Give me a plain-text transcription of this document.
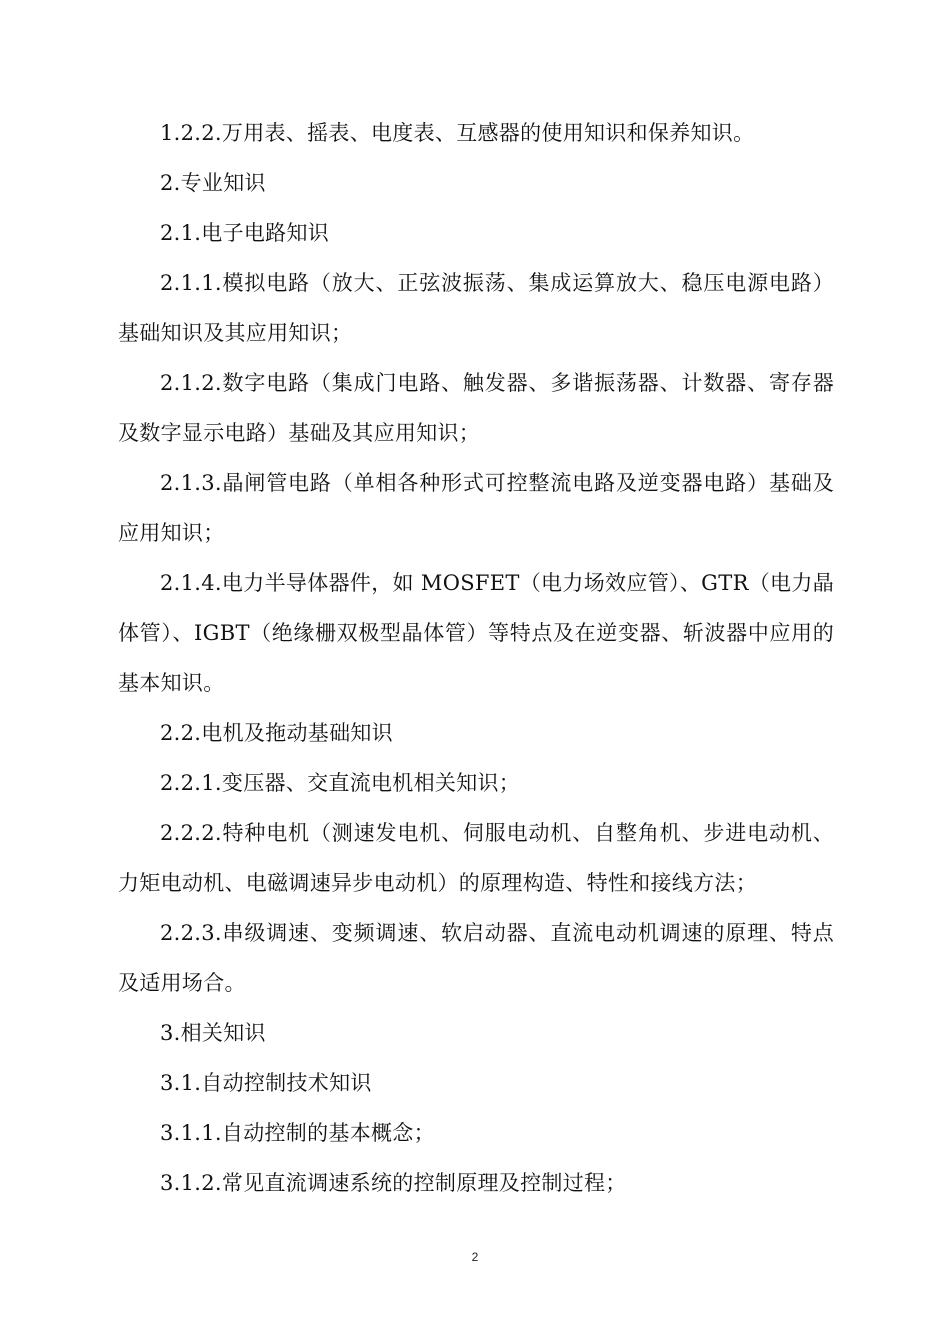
1.2.2.万用表、摇表、电度表、互感器的使用知识和保养知识。

2.专业知识

2.1.电子电路知识

2.1.1.模拟电路（放大、正弦波振荡、集成运算放大、稳压电源电路）基础知识及其应用知识；

2.1.2.数字电路（集成门电路、触发器、多谐振荡器、计数器、寄存器及数字显示电路）基础及其应用知识；

2.1.3.晶闸管电路（单相各种形式可控整流电路及逆变器电路）基础及应用知识；

2.1.4.电力半导体器件，如 MOSFET（电力场效应管）、GTR（电力晶体管）、IGBT（绝缘栅双极型晶体管）等特点及在逆变器、斩波器中应用的基本知识。

2.2.电机及拖动基础知识

2.2.1.变压器、交直流电机相关知识；

2.2.2.特种电机（测速发电机、伺服电动机、自整角机、步进电动机、力矩电动机、电磁调速异步电动机）的原理构造、特性和接线方法；

2.2.3.串级调速、变频调速、软启动器、直流电动机调速的原理、特点及适用场合。

3.相关知识

3.1.自动控制技术知识

3.1.1.自动控制的基本概念；

3.1.2.常见直流调速系统的控制原理及控制过程；

2
